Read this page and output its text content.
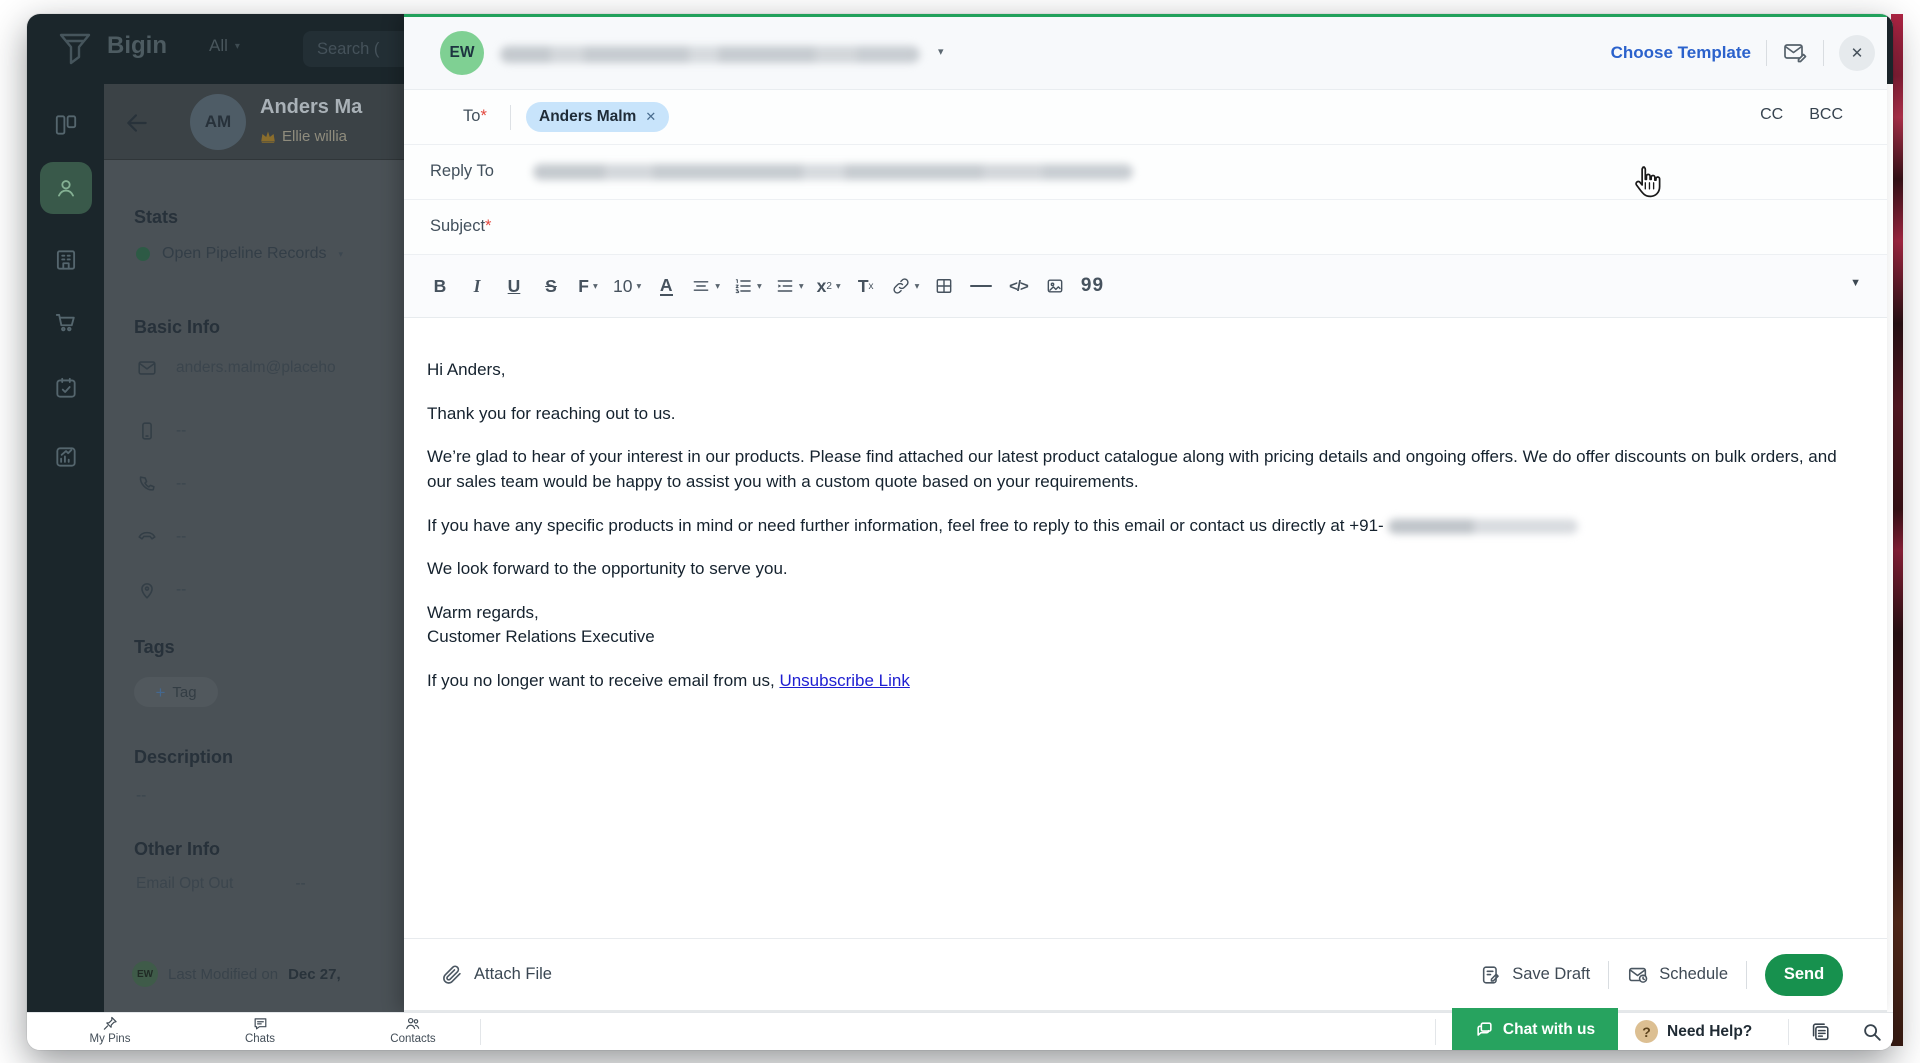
Bigin All ▾	Search (
AM
Anders Ma
Ellie willia
Stats
Open Pipeline Records ▾
Basic Info
anders.malm@placeho
--
--
--
--
Tags
+ Tag
Description
--
Other Info
Email Opt Out	--
EW Last Modified on Dec 27,
EW	▾	Choose Template	✕
To*	Anders Malm ✕	CC BCC
Reply To
Subject*
B	I	U	S	F ▾ 10 ▾ A	▾	▾	▾ x 2 ▾ T x	▾	</>	99	▼

Hi Anders,

Thank you for reaching out to us.

We’re glad to hear of your interest in our products. Please find attached our latest product catalogue along with pricing details and ongoing offers. We do offer discounts on bulk orders, and our sales team would be happy to assist you with a custom quote based on your requirements.

If you have any specific products in mind or need further information, feel free to reply to this email or contact us directly at +91-

We look forward to the opportunity to serve you.

Warm regards,

Customer Relations Executive

If you no longer want to receive email from us, Unsubscribe Link

Attach File	Save Draft	Schedule	Send
My Pins	Chats	Contacts
Chat with us	?	Need Help?
